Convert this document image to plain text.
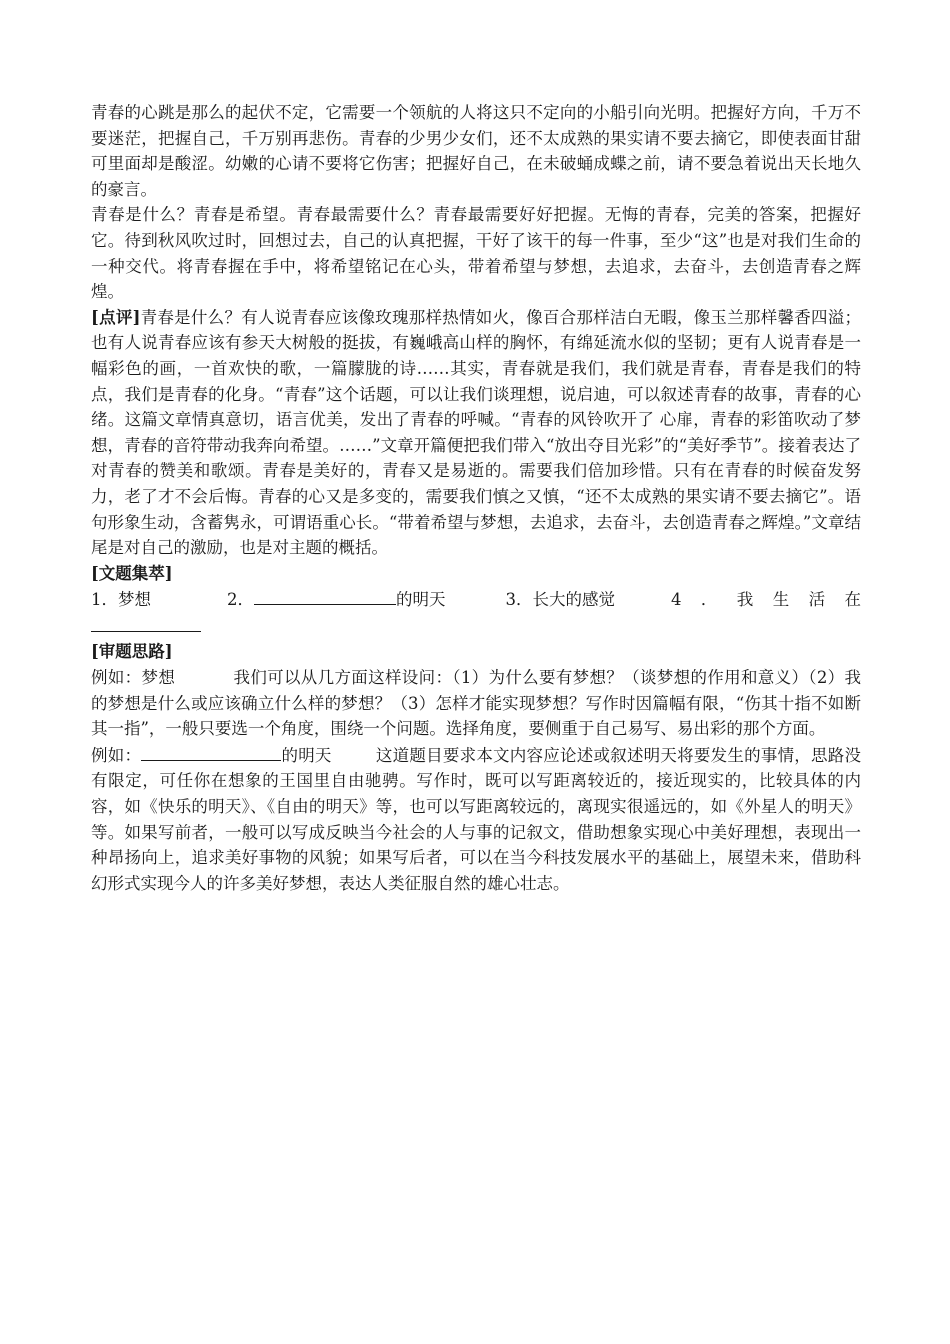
青春的心跳是那么的起伏不定，它需要一个领航的人将这只不定向的小船引向光明。把握好方向，千万不要迷茫，把握自己，千万别再悲伤。青春的少男少女们，还不太成熟的果实请不要去摘它，即使表面甘甜可里面却是酸涩。幼嫩的心请不要将它伤害；把握好自己，在未破蛹成蝶之前，请不要急着说出天长地久的豪言。

青春是什么？青春是希望。青春最需要什么？青春最需要好好把握。无悔的青春，完美的答案，把握好它。待到秋风吹过时，回想过去，自己的认真把握，干好了该干的每一件事，至少“这”也是对我们生命的一种交代。将青春握在手中，将希望铭记在心头，带着希望与梦想，去追求，去奋斗，去创造青春之辉煌。

[点评]青春是什么？有人说青春应该像玫瑰那样热情如火，像百合那样洁白无暇，像玉兰那样馨香四溢；也有人说青春应该有参天大树般的挺拔，有巍峨高山样的胸怀，有绵延流水似的坚韧；更有人说青春是一幅彩色的画，一首欢快的歌，一篇朦胧的诗……其实，青春就是我们，我们就是青春，青春是我们的特点，我们是青春的化身。“青春”这个话题，可以让我们谈理想，说启迪，可以叙述青春的故事，青春的心绪。这篇文章情真意切，语言优美，发出了青春的呼喊。“青春的风铃吹开了 心扉，青春的彩笛吹动了梦想，青春的音符带动我奔向希望。……”文章开篇便把我们带入“放出夺目光彩”的“美好季节”。接着表达了对青春的赞美和歌颂。青春是美好的，青春又是易逝的。需要我们倍加珍惜。只有在青春的时候奋发努力，老了才不会后悔。青春的心又是多变的，需要我们慎之又慎，“还不太成熟的果实请不要去摘它”。语句形象生动，含蓄隽永，可谓语重心长。“带着希望与梦想，去追求，去奋斗，去创造青春之辉煌。”文章结尾是对自己的激励，也是对主题的概括。

[文题集萃]

1．梦想	2．	的明天	3．长大的感觉	4．我生活在

[审题思路]

例如：梦想	我们可以从几方面这样设问：（1）为什么要有梦想？（谈梦想的作用和意义）（2）我的梦想是什么或应该确立什么样的梦想？（3）怎样才能实现梦想？写作时因篇幅有限，“伤其十指不如断其一指”，一般只要选一个角度，围绕一个问题。选择角度，要侧重于自己易写、易出彩的那个方面。

例如：	的明天	这道题目要求本文内容应论述或叙述明天将要发生的事情，思路没有限定，可任你在想象的王国里自由驰骋。写作时，既可以写距离较近的，接近现实的，比较具体的内容，如《快乐的明天》、《自由的明天》等，也可以写距离较远的，离现实很遥远的，如《外星人的明天》等。如果写前者，一般可以写成反映当今社会的人与事的记叙文，借助想象实现心中美好理想，表现出一种昂扬向上，追求美好事物的风貌；如果写后者，可以在当今科技发展水平的基础上，展望未来，借助科幻形式实现今人的许多美好梦想，表达人类征服自然的雄心壮志。
